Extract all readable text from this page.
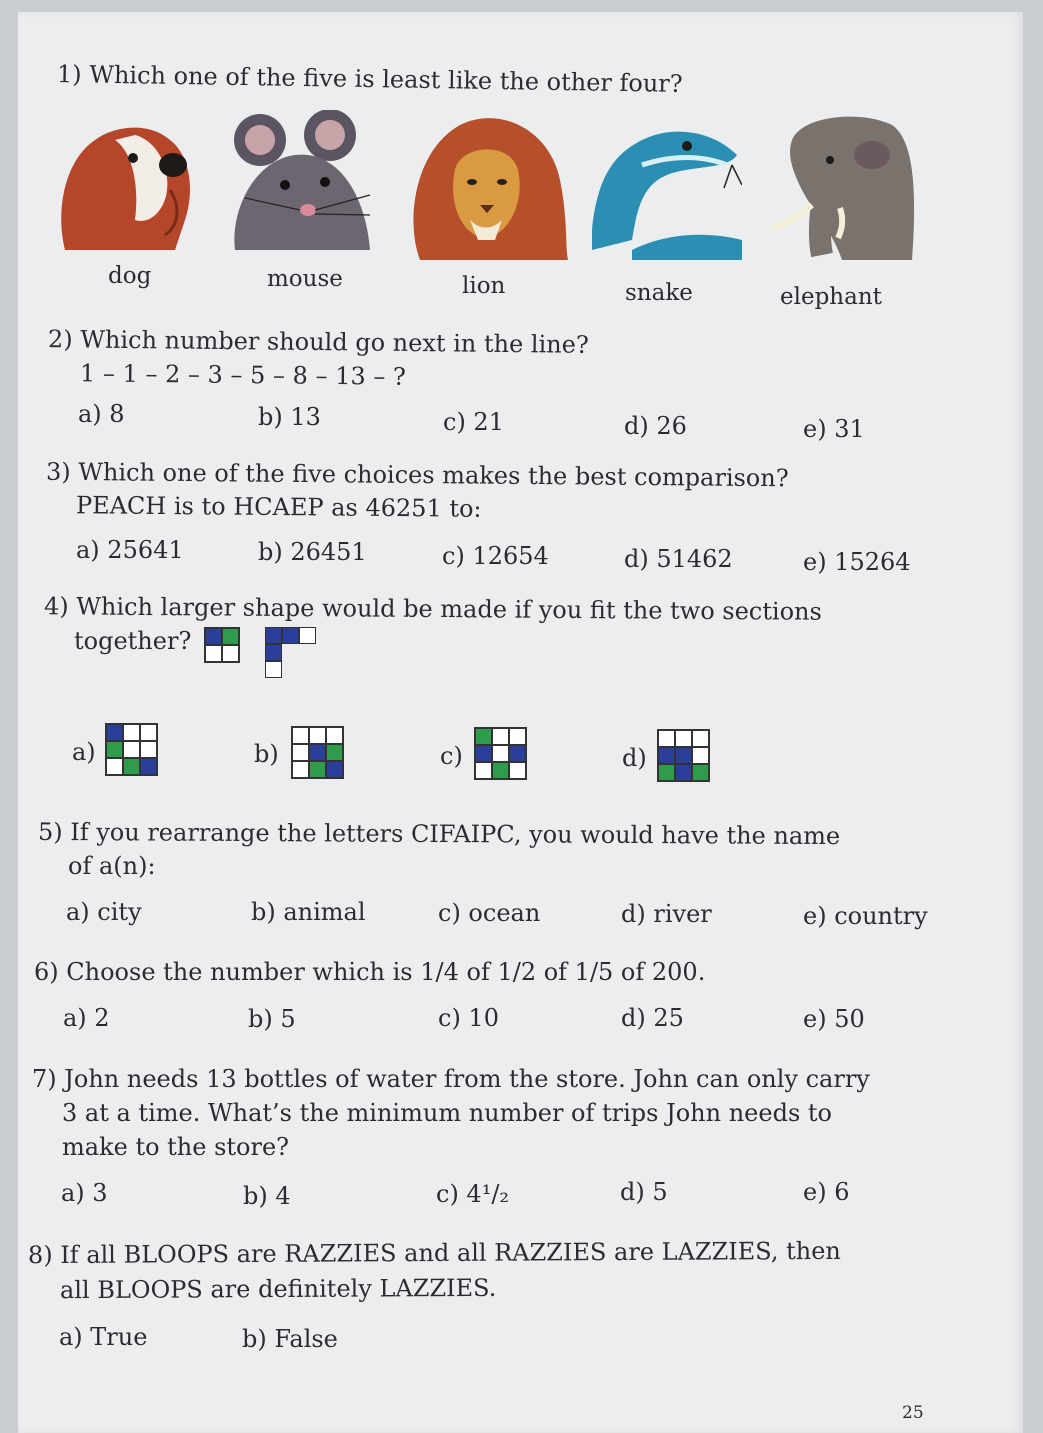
1) Which one of the five is least like the other four?
dog	mouse	lion	snake	elephant
2) Which number should go next in the line?
1 – 1 – 2 – 3 – 5 – 8 – 13 – ?
a) 8	b) 13	c) 21	d) 26	e) 31
3) Which one of the five choices makes the best comparison?
PEACH is to HCAEP as 46251 to:
a) 25641	b) 26451	c) 12654	d) 51462	e) 15264
4) Which larger shape would be made if you fit the two sections
together?
a)	b)	c)	d)
5) If you rearrange the letters CIFAIPC, you would have the name
of a(n):
a) city	b) animal	c) ocean	d) river	e) country
6) Choose the number which is 1/4 of 1/2 of 1/5 of 200.
a) 2	b) 5	c) 10	d) 25	e) 50
7) John needs 13 bottles of water from the store. John can only carry
3 at a time. What’s the minimum number of trips John needs to
make to the store?
a) 3	b) 4	c) 4¹/₂	d) 5	e) 6
8) If all BLOOPS are RAZZIES and all RAZZIES are LAZZIES, then
all BLOOPS are definitely LAZZIES.
a) True	b) False
25
